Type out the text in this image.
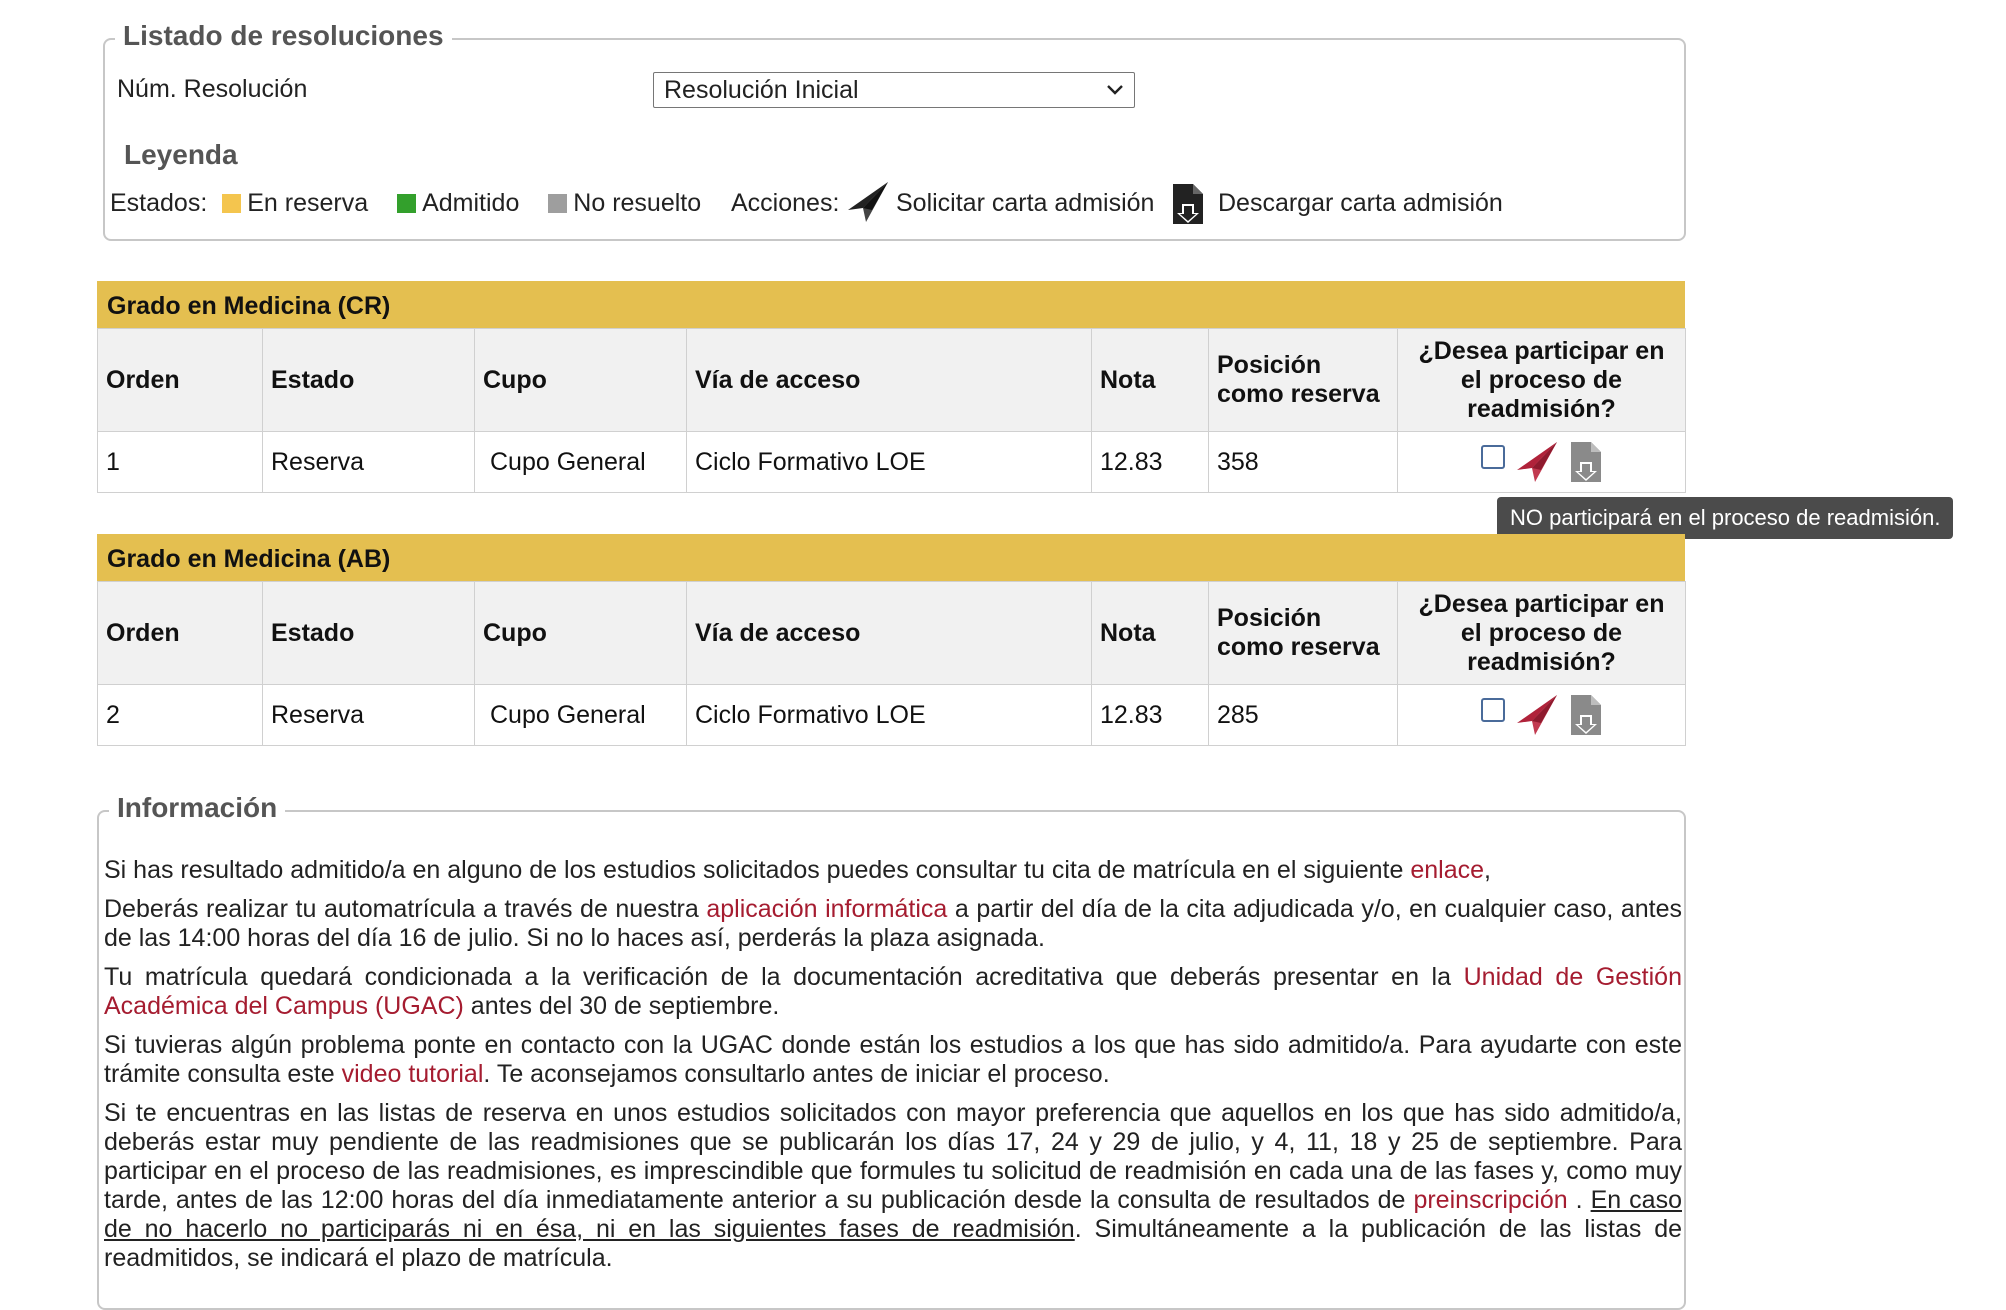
Listado de resoluciones
Núm. Resolución	Resolución Inicial
Leyenda
Estados: En reserva Admitido No resuelto Acciones: Solicitar carta admisión	Descargar carta admisión
Grado en Medicina (CR)
Orden	Estado	Cupo	Vía de acceso	Nota	Posición como reserva	¿Desea participar en el proceso de readmisión?
1	Reserva	Cupo General	Ciclo Formativo LOE	12.83	358	
NO participará en el proceso de readmisión.
Grado en Medicina (AB)
Orden	Estado	Cupo	Vía de acceso	Nota	Posición como reserva	¿Desea participar en el proceso de readmisión?
2	Reserva	Cupo General	Ciclo Formativo LOE	12.83	285	
Información

Si has resultado admitido/a en alguno de los estudios solicitados puedes consultar tu cita de matrícula en el siguiente enlace,

Deberás realizar tu automatrícula a través de nuestra aplicación informática a partir del día de la cita adjudicada y/o, en cualquier caso, antes de las 14:00 horas del día 16 de julio. Si no lo haces así, perderás la plaza asignada.

Tu matrícula quedará condicionada a la verificación de la documentación acreditativa que deberás presentar en la Unidad de Gestión Académica del Campus (UGAC) antes del 30 de septiembre.

Si tuvieras algún problema ponte en contacto con la UGAC donde están los estudios a los que has sido admitido/a. Para ayudarte con este trámite consulta este video tutorial. Te aconsejamos consultarlo antes de iniciar el proceso.

Si te encuentras en las listas de reserva en unos estudios solicitados con mayor preferencia que aquellos en los que has sido admitido/a, deberás estar muy pendiente de las readmisiones que se publicarán los días 17, 24 y 29 de julio, y 4, 11, 18 y 25 de septiembre. Para participar en el proceso de las readmisiones, es imprescindible que formules tu solicitud de readmisión en cada una de las fases y, como muy tarde, antes de las 12:00 horas del día inmediatamente anterior a su publicación desde la consulta de resultados de preinscripción . En caso de no hacerlo no participarás ni en ésa, ni en las siguientes fases de readmisión. Simultáneamente a la publicación de las listas de readmitidos, se indicará el plazo de matrícula.
